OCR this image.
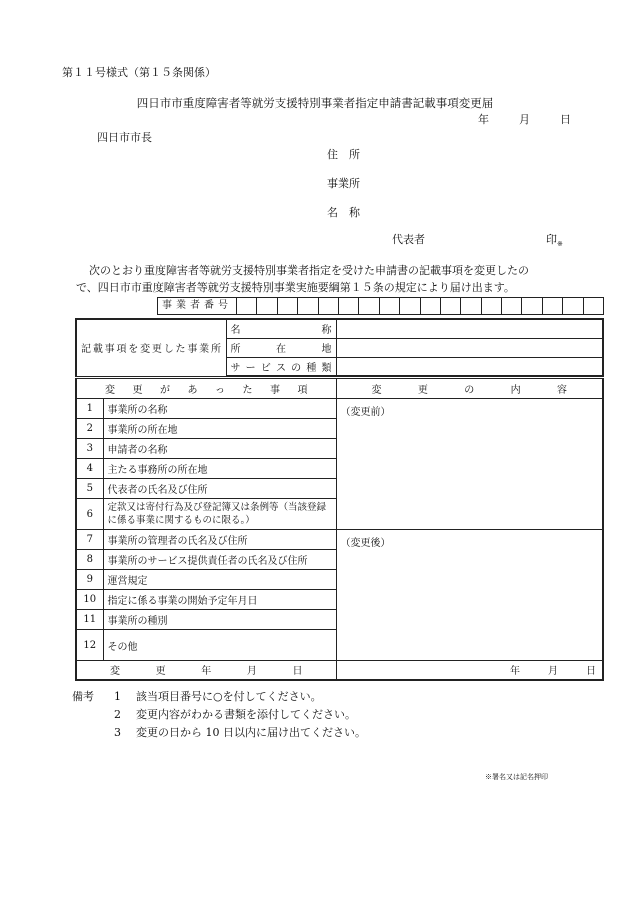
第１１号様式（第１５条関係）
四日市市重度障害者等就労支援特別事業者指定申請書記載事項変更届
年	月	日
四日市市長
住　所
事業所
名　称
代表者	印$_※$

次のとおり重度障害者等就労支援特別事業者指定を受けた申請書の記載事項を変更したの

で、四日市市重度障害者等就労支援特別事業実施要綱第１５条の規定により届け出ます。

事業者番号
記載事項を変更した事業所	名称	

	所在地	

	サービスの種類	

変更があった事項		変更の内容

1	事業所の名称	（変更前）
2	事業所の所在地	
3	申請者の名称	
4	主たる事務所の所在地	
5	代表者の氏名及び住所	
6	定款又は寄付行為及び登記簿又は条例等（当該登録に係る事業に関するものに限る。）	
7	事業所の管理者の氏名及び住所	（変更後）
8	事業所のサービス提供責任者の氏名及び住所	
9	運営規定	
10	指定に係る事業の開始予定年月日	
11	事業所の種別	
12	その他	

変更年月日		年 月 日
備考 1 該当項目番号に○を付してください。
2 変更内容がわかる書類を添付してください。
3 変更の日から 10 日以内に届け出てください。
※署名又は記名押印
